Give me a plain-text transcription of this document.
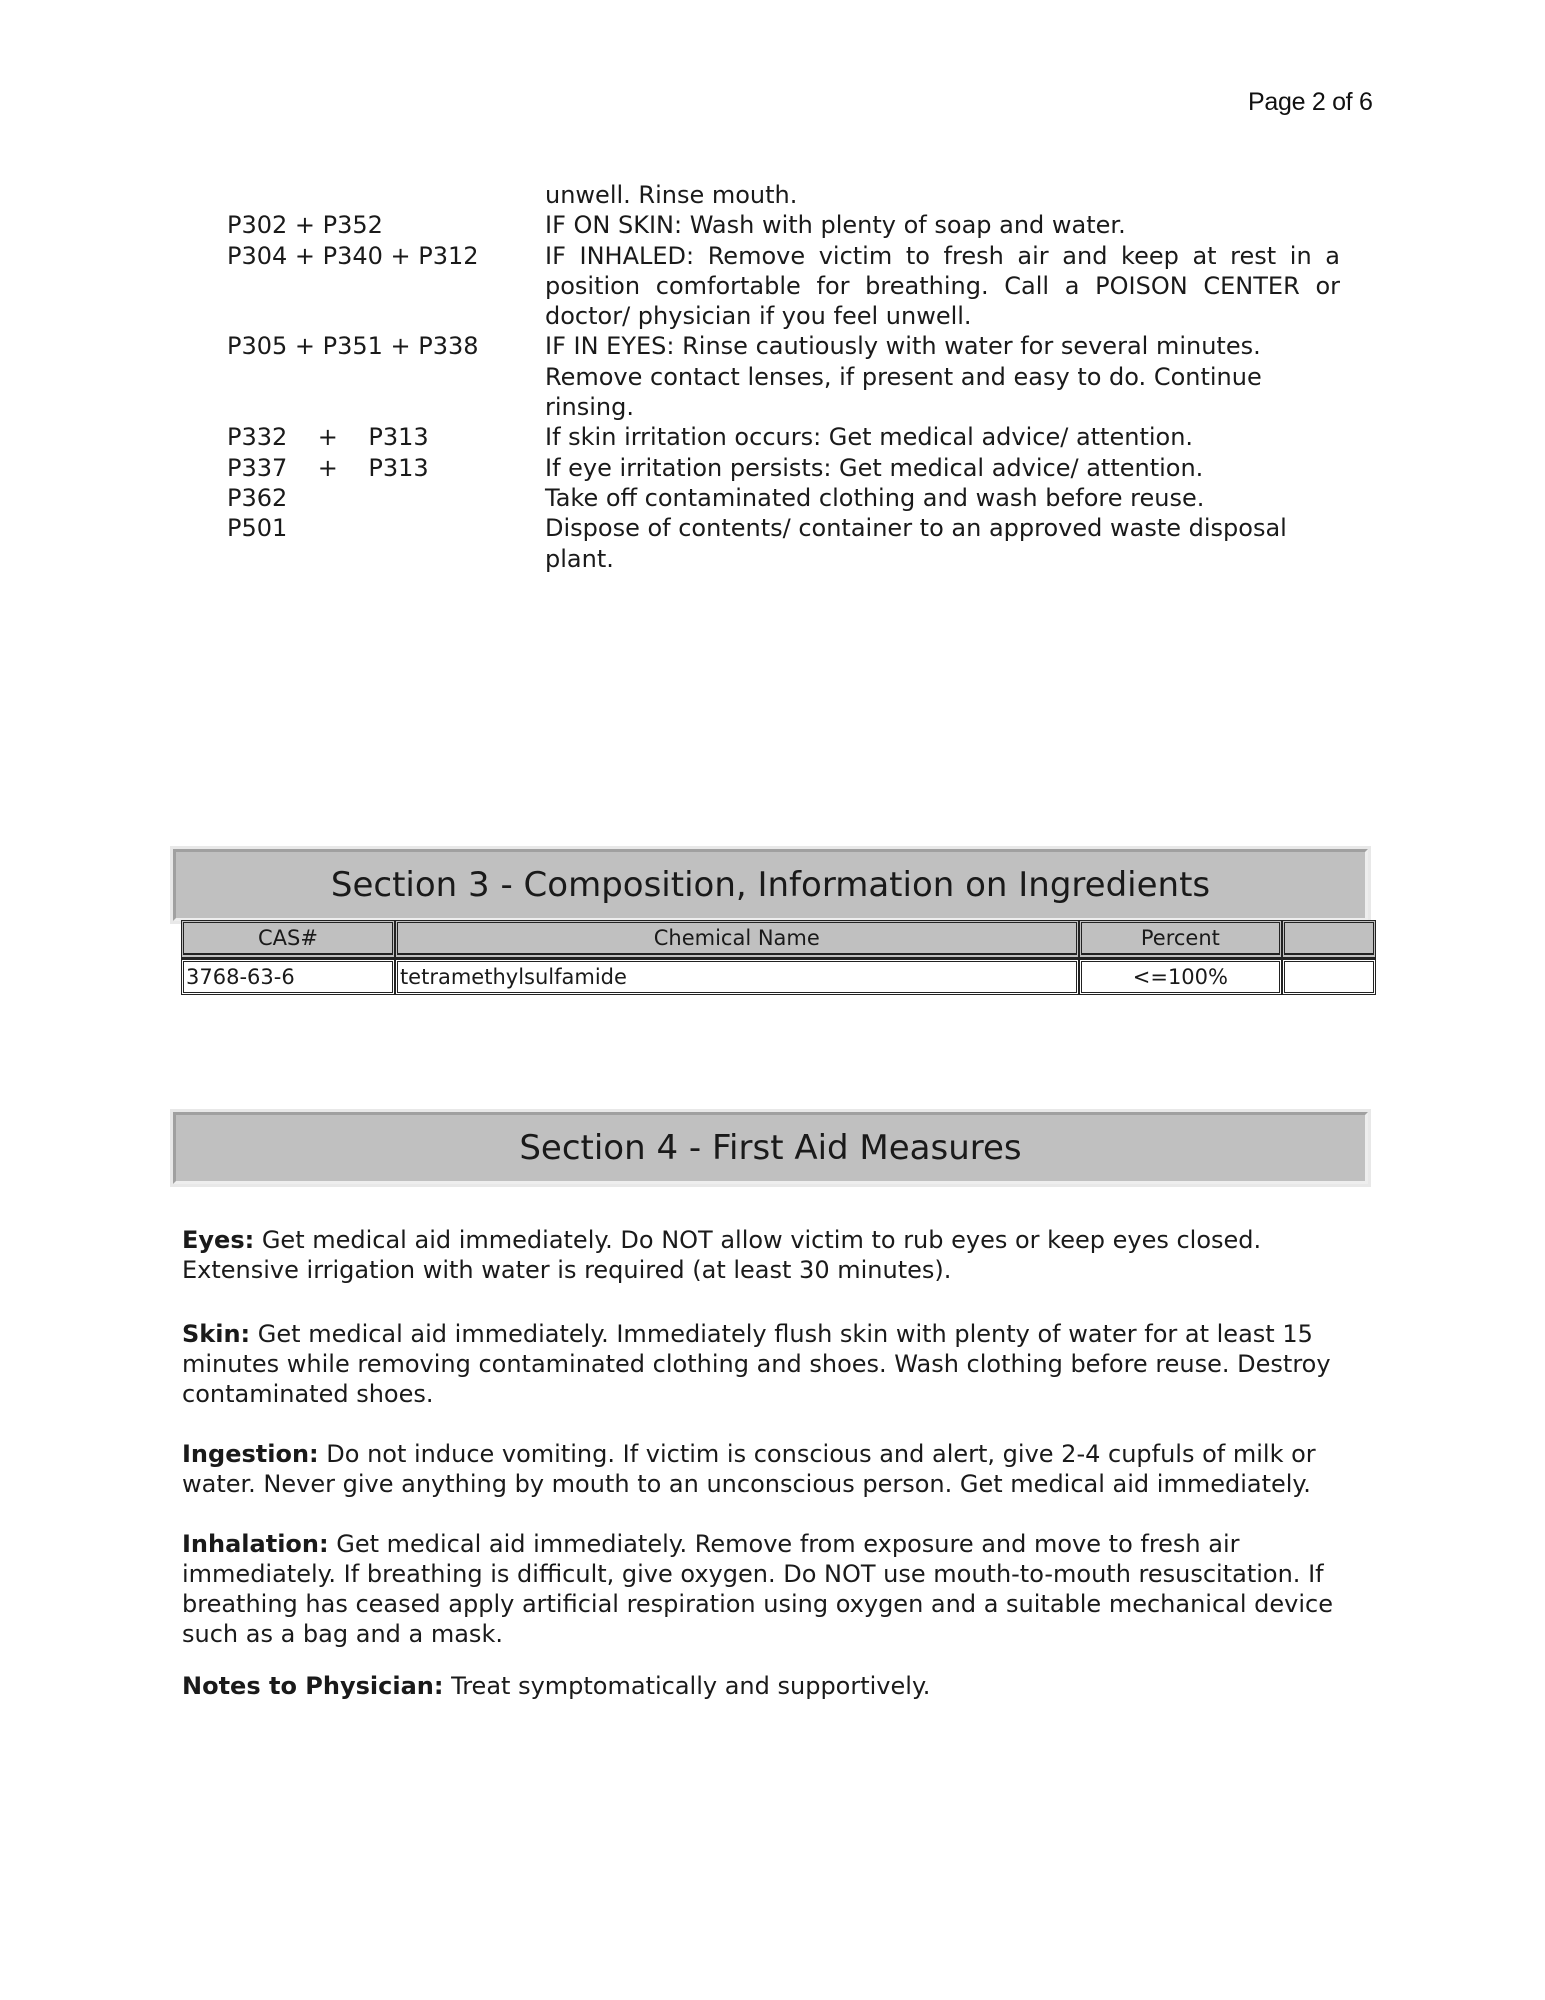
Page 2 of 6
unwell. Rinse mouth.
P302 + P352	IF ON SKIN: Wash with plenty of soap and water.
P304 + P340 + P312	IF INHALED: Remove victim to fresh air and keep at rest in a position comfortable for breathing. Call a POISON CENTER or doctor/ physician if you feel unwell.
P305 + P351 + P338	IF IN EYES: Rinse cautiously with water for several minutes. Remove contact lenses, if present and easy to do. Continue rinsing.
P332    +    P313	If skin irritation occurs: Get medical advice/ attention.
P337    +    P313	If eye irritation persists: Get medical advice/ attention.
P362	Take off contaminated clothing and wash before reuse.
P501	Dispose of contents/ container to an approved waste disposal plant.
Section 3 - Composition, Information on Ingredients
CAS#	Chemical Name	Percent	
3768-63-6	tetramethylsulfamide	<=100%	
Section 4 - First Aid Measures

Eyes: Get medical aid immediately. Do NOT allow victim to rub eyes or keep eyes closed. Extensive irrigation with water is required (at least 30 minutes).

Skin: Get medical aid immediately. Immediately flush skin with plenty of water for at least 15 minutes while removing contaminated clothing and shoes. Wash clothing before reuse. Destroy contaminated shoes.

Ingestion: Do not induce vomiting. If victim is conscious and alert, give 2-4 cupfuls of milk or water. Never give anything by mouth to an unconscious person. Get medical aid immediately.

Inhalation: Get medical aid immediately. Remove from exposure and move to fresh air immediately. If breathing is difficult, give oxygen. Do NOT use mouth-to-mouth resuscitation. If breathing has ceased apply artificial respiration using oxygen and a suitable mechanical device such as a bag and a mask.

Notes to Physician: Treat symptomatically and supportively.
